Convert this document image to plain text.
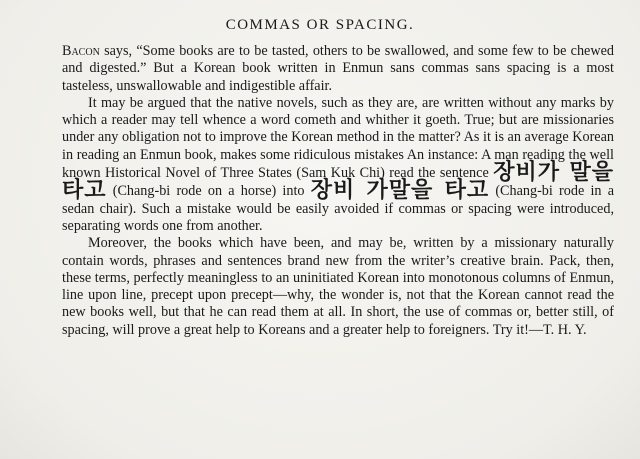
COMMAS OR SPACING.

Bacon says, “Some books are to be tasted, others to be swallowed, and some few to be chewed and digested.” But a Korean book written in Enmun sans commas sans spacing is a most tasteless, unswallowable and indigestible affair.

It may be argued that the native novels, such as they are, are written without any marks by which a reader may tell whence a word cometh and whither it goeth. True; but are missionaries under any obligation not to improve the Korean method in the matter? As it is an average Korean in reading an Enmun book, makes some ridiculous mistakes An instance: A man reading the well known Historical Novel of Three States (Sam Kuk Chi) read the sentence 장비가 말을 타고 (Chang-bi rode on a horse) into 장비 가말을 타고 (Chang-bi rode in a sedan chair). Such a mistake would be easily avoided if commas or spacing were introduced, separating words one from another.

Moreover, the books which have been, and may be, written by a missionary naturally contain words, phrases and sentences brand new from the writer’s creative brain. Pack, then, these terms, perfectly meaningless to an uninitiated Korean into monotonous columns of Enmun, line upon line, precept upon precept—why, the wonder is, not that the Korean cannot read the new books well, but that he can read them at all. In short, the use of commas or, better still, of spacing, will prove a great help to Koreans and a greater help to foreigners. Try it!—T. H. Y.
